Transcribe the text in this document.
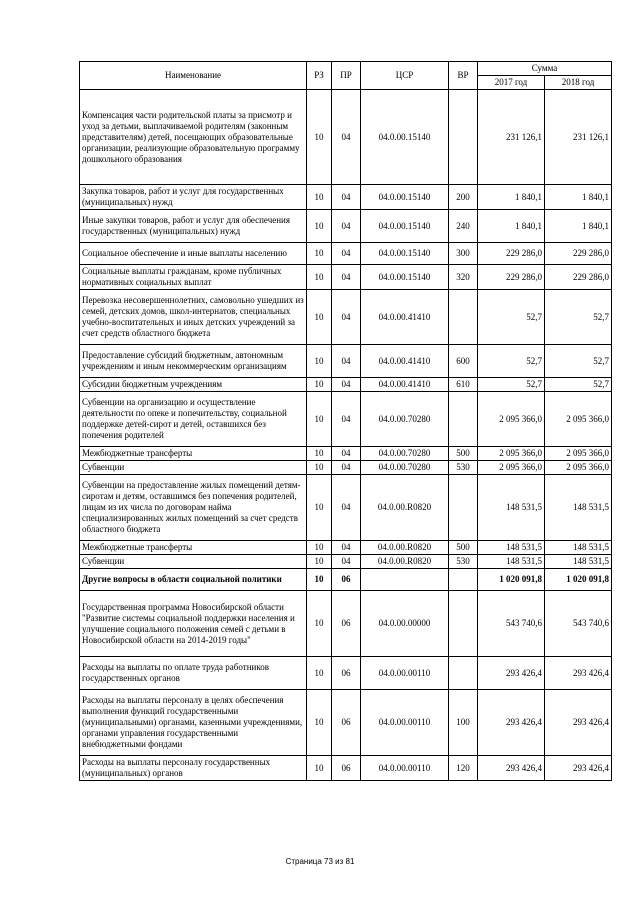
Наименование	РЗ	ПР	ЦСР	ВР	Сумма	
					2017 год	2018 год
Компенсация части родительской платы за присмотр и уход за детьми, выплачиваемой родителям (законным представителям) детей, посещающих образовательные организации, реализующие образовательную программу дошкольного образования	10	04	04.0.00.15140		231 126,1	231 126,1
Закупка товаров, работ и услуг для государственных (муниципальных) нужд	10	04	04.0.00.15140	200	1 840,1	1 840,1
Иные закупки товаров, работ и услуг для обеспечения государственных (муниципальных) нужд	10	04	04.0.00.15140	240	1 840,1	1 840,1
Социальное обеспечение и иные выплаты населению	10	04	04.0.00.15140	300	229 286,0	229 286,0
Социальные выплаты гражданам, кроме публичных нормативных социальных выплат	10	04	04.0.00.15140	320	229 286,0	229 286,0
Перевозка несовершеннолетних, самовольно ушедших из семей, детских домов, школ-интернатов, специальных учебно-воспитательных и иных детских учреждений за счет средств областного бюджета	10	04	04.0.00.41410		52,7	52,7
Предоставление субсидий бюджетным, автономным учреждениям и иным некоммерческим организациям	10	04	04.0.00.41410	600	52,7	52,7
Субсидии бюджетным учреждениям	10	04	04.0.00.41410	610	52,7	52,7
Субвенции на организацию и осуществление деятельности по опеке и попечительству, социальной поддержке детей-сирот и детей, оставшихся без попечения родителей	10	04	04.0.00.70280		2 095 366,0	2 095 366,0
Межбюджетные трансферты	10	04	04.0.00.70280	500	2 095 366,0	2 095 366,0
Субвенции	10	04	04.0.00.70280	530	2 095 366,0	2 095 366,0
Субвенции на предоставление жилых помещений детям-сиротам и детям, оставшимся без попечения родителей, лицам из их числа по договорам найма специализированных жилых помещений за счет средств областного бюджета	10	04	04.0.00.R0820		148 531,5	148 531,5
Межбюджетные трансферты	10	04	04.0.00.R0820	500	148 531,5	148 531,5
Субвенции	10	04	04.0.00.R0820	530	148 531,5	148 531,5
Другие вопросы в области социальной политики	10	06			1 020 091,8	1 020 091,8
Государственная программа Новосибирской области "Развитие системы социальной поддержки населения и улучшение социального положения семей с детьми в Новосибирской области на 2014-2019 годы"	10	06	04.0.00.00000		543 740,6	543 740,6
Расходы на выплаты по оплате труда работников государственных органов	10	06	04.0.00.00110		293 426,4	293 426,4
Расходы на выплаты персоналу в целях обеспечения выполнения функций государственными (муниципальными) органами, казенными учреждениями, органами управления государственными внебюджетными фондами	10	06	04.0.00.00110	100	293 426,4	293 426,4
Расходы на выплаты персоналу государственных (муниципальных) органов	10	06	04.0.00.00110	120	293 426,4	293 426,4
Страница 73 из 81
